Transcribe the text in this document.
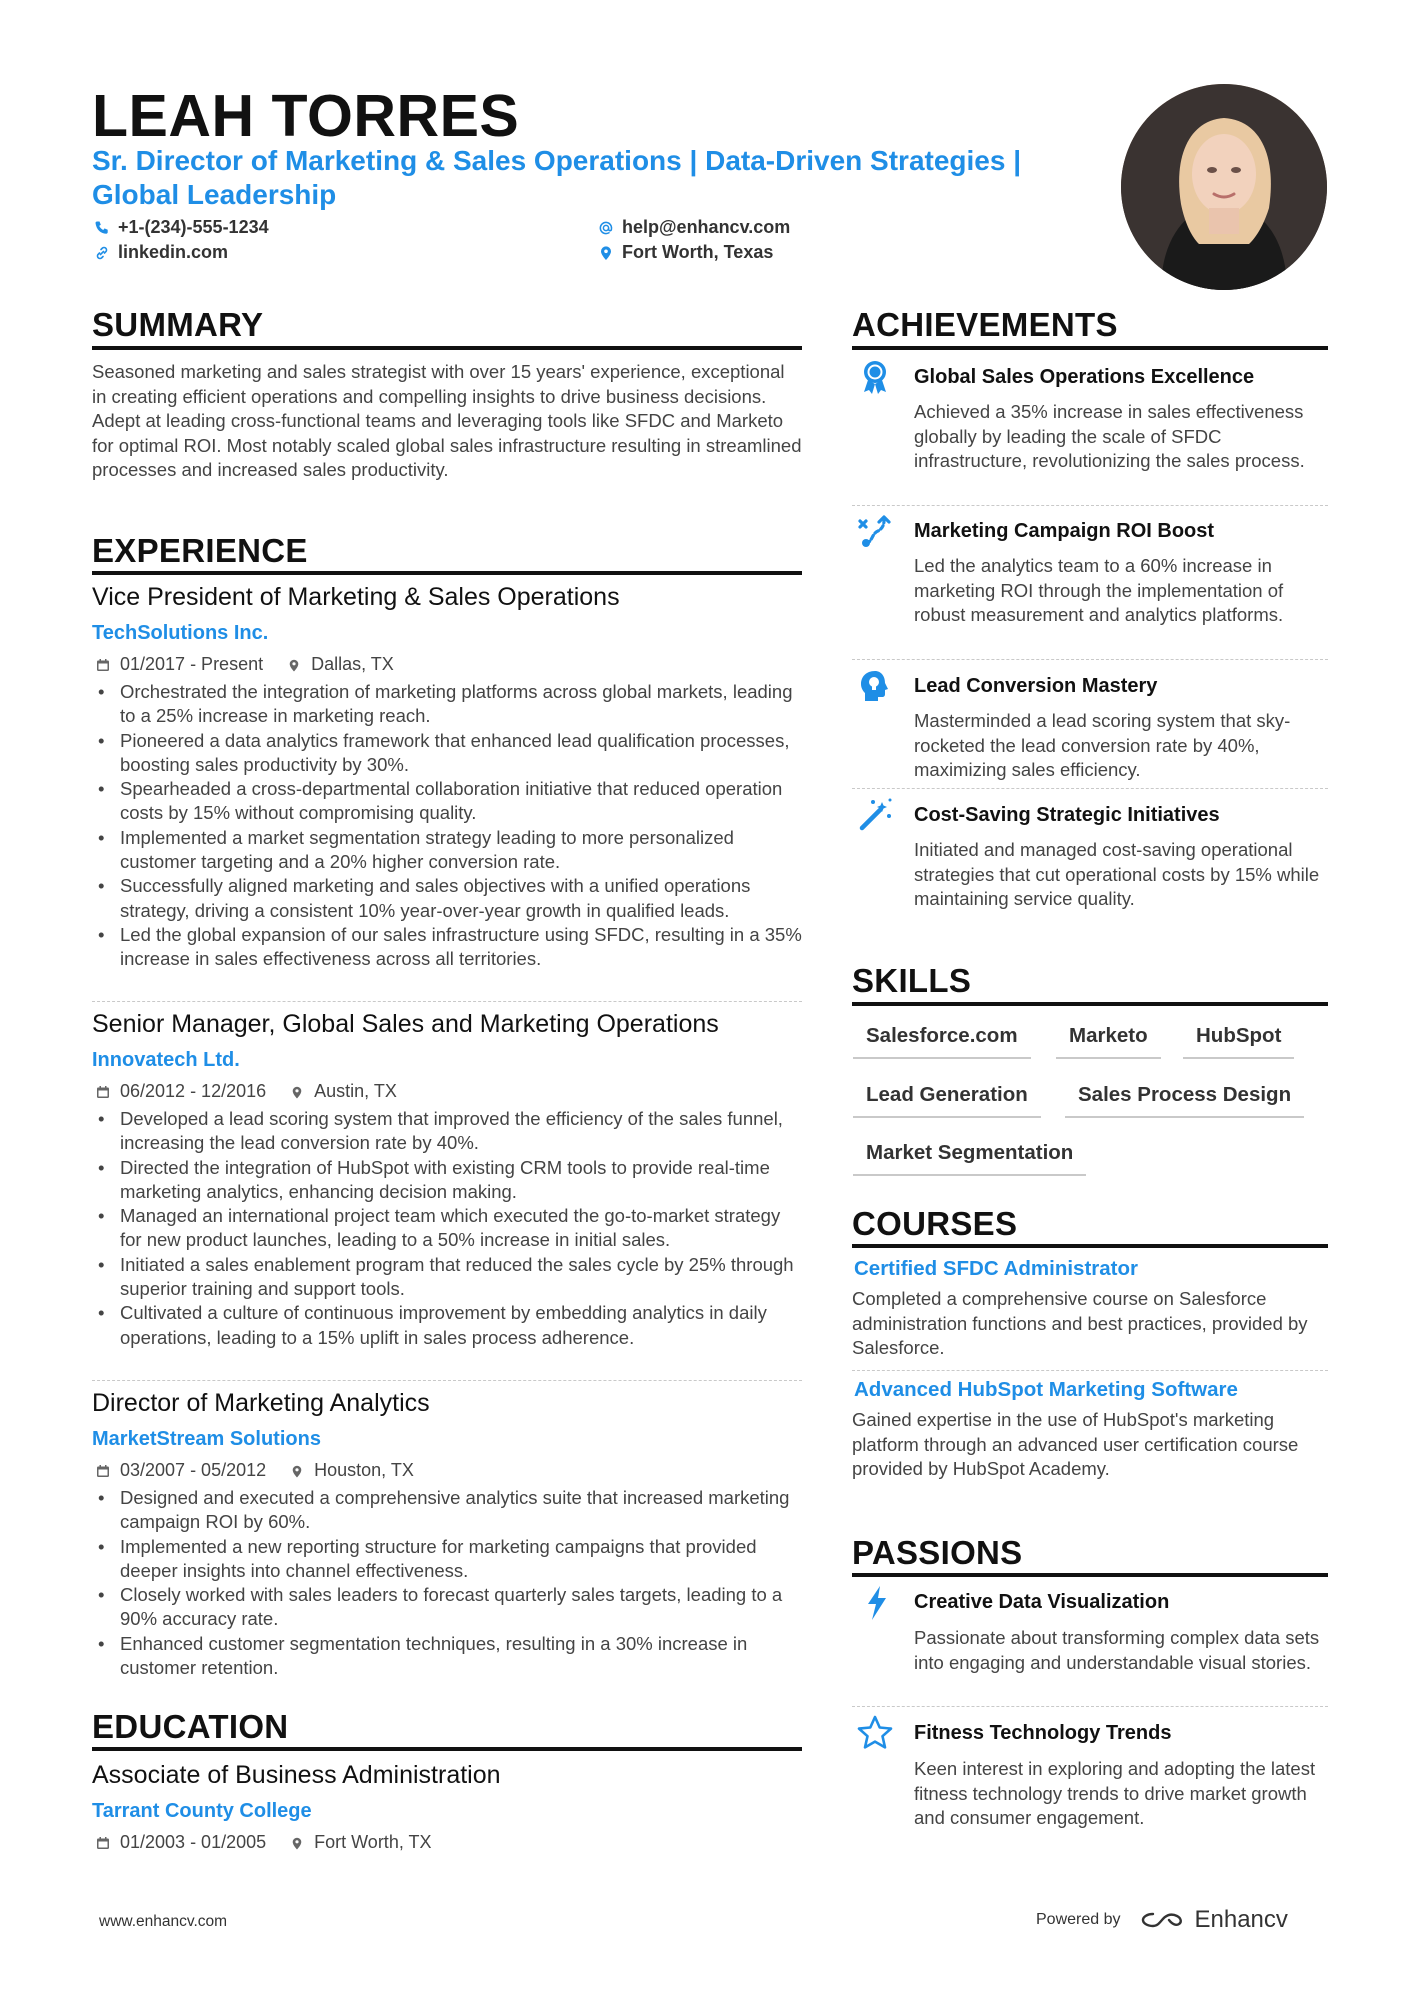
LEAH TORRES
Sr. Director of Marketing & Sales Operations | Data-Driven Strategies | Global Leadership
+1-(234)-555-1234
linkedin.com
help@enhancv.com
Fort Worth, Texas
SUMMARY
Seasoned marketing and sales strategist with over 15 years' experience, exceptional in creating efficient operations and compelling insights to drive business decisions. Adept at leading cross-functional teams and leveraging tools like SFDC and Marketo for optimal ROI. Most notably scaled global sales infrastructure resulting in streamlined processes and increased sales productivity.
EXPERIENCE
Vice President of Marketing & Sales Operations
TechSolutions Inc.
01/2017 - Present	Dallas, TX
• Orchestrated the integration of marketing platforms across global markets, leading to a 25% increase in marketing reach.
• Pioneered a data analytics framework that enhanced lead qualification processes, boosting sales productivity by 30%.
• Spearheaded a cross-departmental collaboration initiative that reduced operation costs by 15% without compromising quality.
• Implemented a market segmentation strategy leading to more personalized customer targeting and a 20% higher conversion rate.
• Successfully aligned marketing and sales objectives with a unified operations strategy, driving a consistent 10% year-over-year growth in qualified leads.
• Led the global expansion of our sales infrastructure using SFDC, resulting in a 35% increase in sales effectiveness across all territories.
Senior Manager, Global Sales and Marketing Operations
Innovatech Ltd.
06/2012 - 12/2016	Austin, TX
• Developed a lead scoring system that improved the efficiency of the sales funnel, increasing the lead conversion rate by 40%.
• Directed the integration of HubSpot with existing CRM tools to provide real-time marketing analytics, enhancing decision making.
• Managed an international project team which executed the go-to-market strategy for new product launches, leading to a 50% increase in initial sales.
• Initiated a sales enablement program that reduced the sales cycle by 25% through superior training and support tools.
• Cultivated a culture of continuous improvement by embedding analytics in daily operations, leading to a 15% uplift in sales process adherence.
Director of Marketing Analytics
MarketStream Solutions
03/2007 - 05/2012	Houston, TX
• Designed and executed a comprehensive analytics suite that increased marketing campaign ROI by 60%.
• Implemented a new reporting structure for marketing campaigns that provided deeper insights into channel effectiveness.
• Closely worked with sales leaders to forecast quarterly sales targets, leading to a 90% accuracy rate.
• Enhanced customer segmentation techniques, resulting in a 30% increase in customer retention.
EDUCATION
Associate of Business Administration
Tarrant County College
01/2003 - 01/2005	Fort Worth, TX
ACHIEVEMENTS
Global Sales Operations Excellence
Achieved a 35% increase in sales effectiveness globally by leading the scale of SFDC infrastructure, revolutionizing the sales process.
Marketing Campaign ROI Boost
Led the analytics team to a 60% increase in marketing ROI through the implementation of robust measurement and analytics platforms.
Lead Conversion Mastery
Masterminded a lead scoring system that sky-rocketed the lead conversion rate by 40%, maximizing sales efficiency.
Cost-Saving Strategic Initiatives
Initiated and managed cost-saving operational strategies that cut operational costs by 15% while maintaining service quality.
SKILLS
Salesforce.com	Marketo	HubSpot
Lead Generation	Sales Process Design
Market Segmentation
COURSES
Certified SFDC Administrator
Completed a comprehensive course on Salesforce administration functions and best practices, provided by Salesforce.
Advanced HubSpot Marketing Software
Gained expertise in the use of HubSpot's marketing platform through an advanced user certification course provided by HubSpot Academy.
PASSIONS
Creative Data Visualization
Passionate about transforming complex data sets into engaging and understandable visual stories.
Fitness Technology Trends
Keen interest in exploring and adopting the latest fitness technology trends to drive market growth and consumer engagement.
www.enhancv.com	Powered by	Enhancv
